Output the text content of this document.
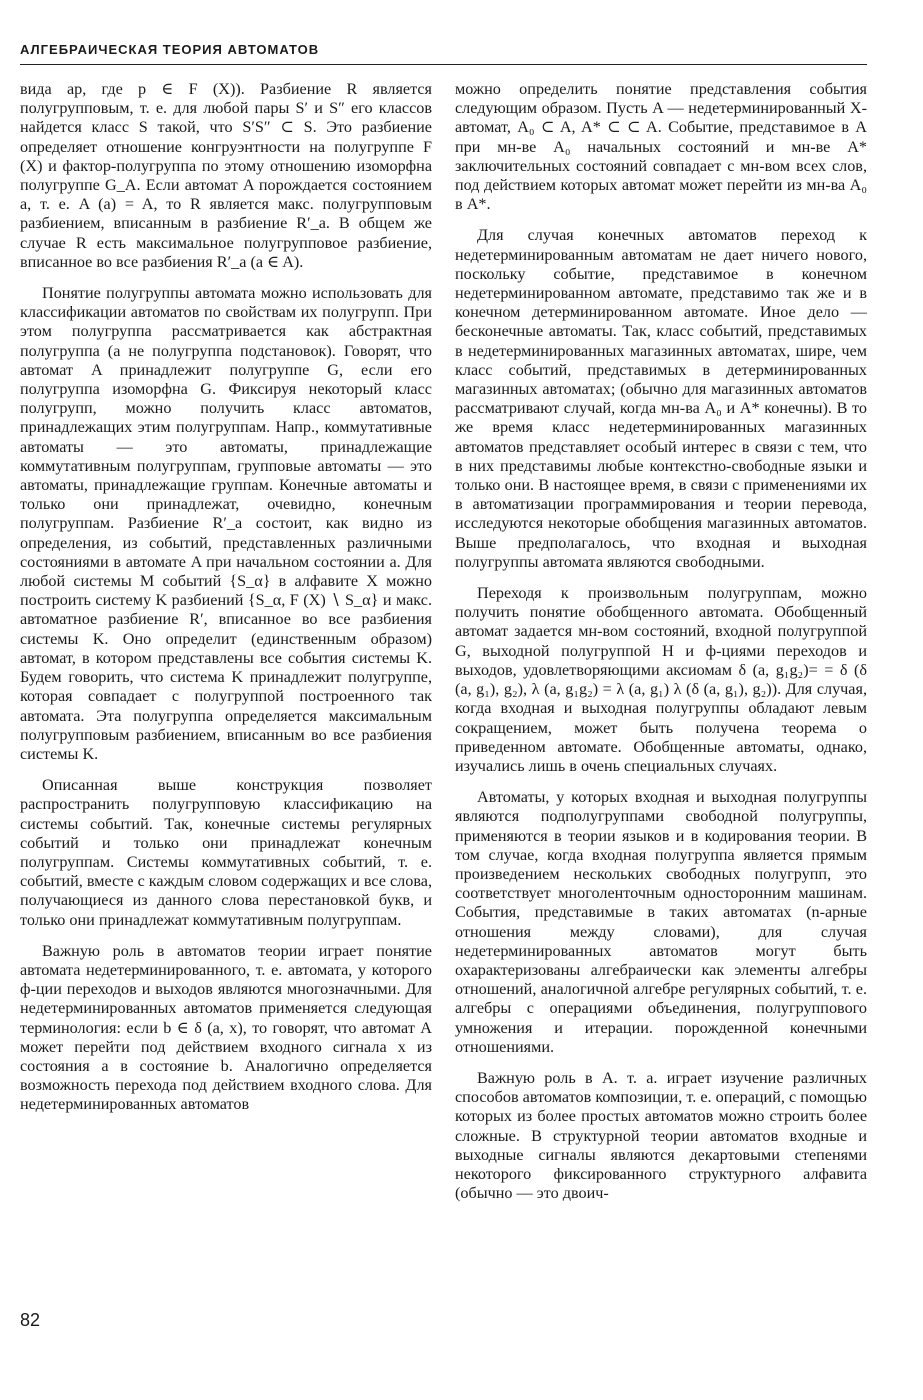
АЛГЕБРАИЧЕСКАЯ ТЕОРИЯ АВТОМАТОВ

вида ap, где p ∈ F (X)). Разбиение R является полугрупповым, т. е. для любой пары S′ и S″ его классов найдется класс S такой, что S′S″ ⊂ S. Это разбиение определяет отношение конгруэнтности на полугруппе F (X) и фактор-полугруппа по этому отношению изоморфна полугруппе G_A. Если автомат A порождается состоянием a, т. е. A (a) = A, то R является макс. полугрупповым разбиением, вписанным в разбиение R′_a. В общем же случае R есть максимальное полугрупповое разбиение, вписанное во все разбиения R′_a (a ∈ A).

Понятие полугруппы автомата можно использовать для классификации автоматов по свойствам их полугрупп. При этом полугруппа рассматривается как абстрактная полугруппа (а не полугруппа подстановок). Говорят, что автомат A принадлежит полугруппе G, если его полугруппа изоморфна G. Фиксируя некоторый класс полугрупп, можно получить класс автоматов, принадлежащих этим полугруппам. Напр., коммутативные автоматы — это автоматы, принадлежащие коммутативным полугруппам, групповые автоматы — это автоматы, принадлежащие группам. Конечные автоматы и только они принадлежат, очевидно, конечным полугруппам. Разбиение R′_a состоит, как видно из определения, из событий, представленных различными состояниями в автомате A при начальном состоянии a. Для любой системы M событий {S_α} в алфавите X можно построить систему K разбиений {S_α, F (X) ∖ S_α} и макс. автоматное разбиение R′, вписанное во все разбиения системы K. Оно определит (единственным образом) автомат, в котором представлены все события системы K. Будем говорить, что система K принадлежит полугруппе, которая совпадает с полугруппой построенного так автомата. Эта полугруппа определяется максимальным полугрупповым разбиением, вписанным во все разбиения системы K.

Описанная выше конструкция позволяет распространить полугрупповую классификацию на системы событий. Так, конечные системы регулярных событий и только они принадлежат конечным полугруппам. Системы коммутативных событий, т. е. событий, вместе с каждым словом содержащих и все слова, получающиеся из данного слова перестановкой букв, и только они принадлежат коммутативным полугруппам.

Важную роль в автоматов теории играет понятие автомата недетерминированного, т. е. автомата, у которого ф-ции переходов и выходов являются многозначными. Для недетерминированных автоматов применяется следующая терминология: если b ∈ δ (a, x), то говорят, что автомат A может перейти под действием входного сигнала x из состояния a в состояние b. Аналогично определяется возможность перехода под действием входного слова. Для недетерминированных автоматов

можно определить понятие представления события следующим образом. Пусть A — недетерминированный X-автомат, A₀ ⊂ A, A* ⊂ ⊂ A. Событие, представимое в A при мн-ве A₀ начальных состояний и мн-ве A* заключительных состояний совпадает с мн-вом всех слов, под действием которых автомат может перейти из мн-ва A₀ в A*.

Для случая конечных автоматов переход к недетерминированным автоматам не дает ничего нового, поскольку событие, представимое в конечном недетерминированном автомате, представимо так же и в конечном детерминированном автомате. Иное дело — бесконечные автоматы. Так, класс событий, представимых в недетерминированных магазинных автоматах, шире, чем класс событий, представимых в детерминированных магазинных автоматах; (обычно для магазинных автоматов рассматривают случай, когда мн-ва A₀ и A* конечны). В то же время класс недетерминированных магазинных автоматов представляет особый интерес в связи с тем, что в них представимы любые контекстно-свободные языки и только они. В настоящее время, в связи с применениями их в автоматизации программирования и теории перевода, исследуются некоторые обобщения магазинных автоматов. Выше предполагалось, что входная и выходная полугруппы автомата являются свободными.

Переходя к произвольным полугруппам, можно получить понятие обобщенного автомата. Обобщенный автомат задается мн-вом состояний, входной полугруппой G, выходной полугруппой H и ф-циями переходов и выходов, удовлетворяющими аксиомам δ (a, g₁g₂)= = δ (δ (a, g₁), g₂), λ (a, g₁g₂) = λ (a, g₁) λ (δ (a, g₁), g₂)). Для случая, когда входная и выходная полугруппы обладают левым сокращением, может быть получена теорема о приведенном автомате. Обобщенные автоматы, однако, изучались лишь в очень специальных случаях.

Автоматы, у которых входная и выходная полугруппы являются подполугруппами свободной полугруппы, применяются в теории языков и в кодирования теории. В том случае, когда входная полугруппа является прямым произведением нескольких свободных полугрупп, это соответствует многоленточным односторонним машинам. События, представимые в таких автоматах (n-арные отношения между словами), для случая недетерминированных автоматов могут быть охарактеризованы алгебраически как элементы алгебры отношений, аналогичной алгебре регулярных событий, т. е. алгебры с операциями объединения, полугруппового умножения и итерации. порожденной конечными отношениями.

Важную роль в А. т. а. играет изучение различных способов автоматов композиции, т. е. операций, с помощью которых из более простых автоматов можно строить более сложные. В структурной теории автоматов входные и выходные сигналы являются декартовыми степенями некоторого фиксированного структурного алфавита (обычно — это двоич-

82
